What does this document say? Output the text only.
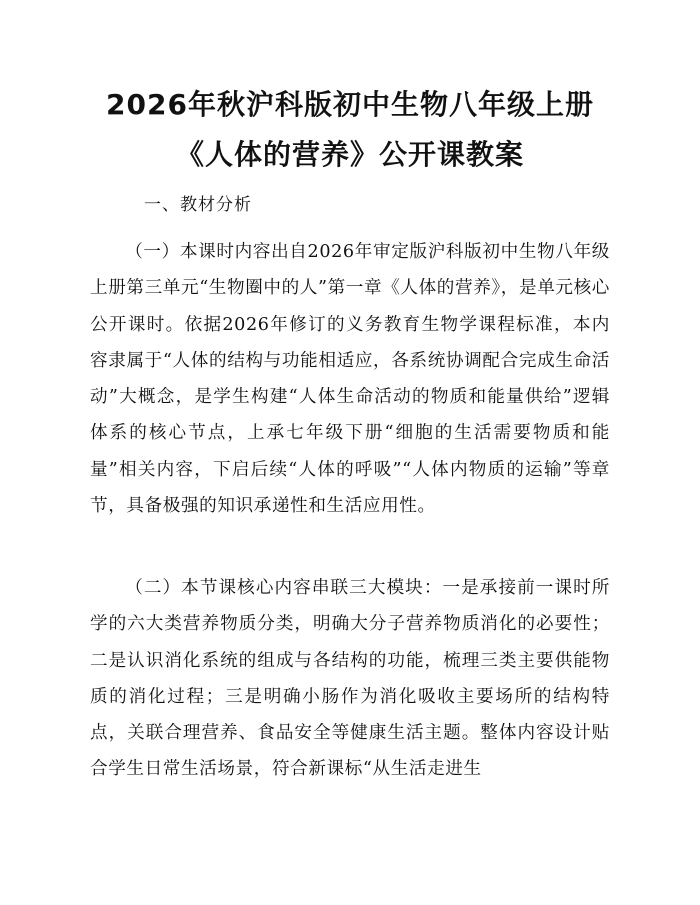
2026年秋沪科版初中生物八年级上册《人体的营养》公开课教案
一、教材分析
（一）本课时内容出自2026年审定版沪科版初中生物八年级上册第三单元“生物圈中的人”第一章《人体的营养》，是单元核心公开课时。依据2026年修订的义务教育生物学课程标准，本内容隶属于“人体的结构与功能相适应，各系统协调配合完成生命活动”大概念，是学生构建“人体生命活动的物质和能量供给”逻辑体系的核心节点，上承七年级下册“细胞的生活需要物质和能量”相关内容，下启后续“人体的呼吸”“人体内物质的运输”等章节，具备极强的知识承递性和生活应用性。
（二）本节课核心内容串联三大模块：一是承接前一课时所学的六大类营养物质分类，明确大分子营养物质消化的必要性；二是认识消化系统的组成与各结构的功能，梳理三类主要供能物质的消化过程；三是明确小肠作为消化吸收主要场所的结构特点，关联合理营养、食品安全等健康生活主题。整体内容设计贴合学生日常生活场景，符合新课标“从生活走进生
